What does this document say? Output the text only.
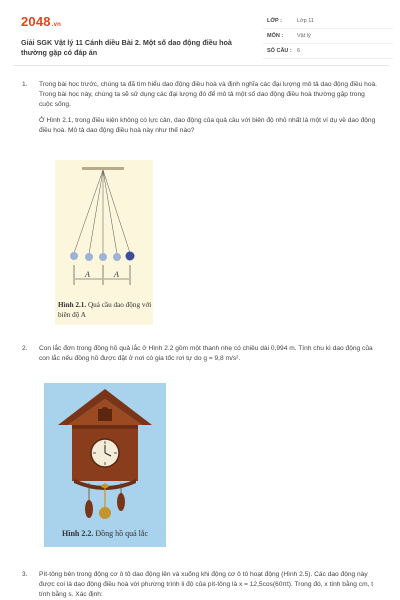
2048.vn
Giải SGK Vật lý 11 Cánh diều Bài 2. Một số dao động điều hoà thường gặp có đáp án
LỚP :	Lớp 11
MÔN :	Vật lý
SỐ CÂU : 6
1. Trong bài học trước, chúng ta đã tìm hiểu dao động điều hoà và định nghĩa các đại lượng mô tả dao động điều hoà. Trong bài học này, chúng ta sẽ sử dụng các đại lượng đó để mô tả một số dao động điều hoà thường gặp trong cuộc sống.

Ở Hình 2.1, trong điều kiện không có lực cản, dao động của quả cầu với biên độ nhỏ nhất là một ví dụ về dao động điều hoà. Mô tả dao động điều hoà này như thế nào?

A	A
Hình 2.1. Quả cầu dao động với biên độ A
2. Con lắc đơn trong đồng hồ quả lắc ở Hình 2.2 gồm một thanh nhẹ có chiều dài 0,994 m. Tính chu kì dao động của con lắc nếu đồng hồ được đặt ở nơi có gia tốc rơi tự do g = 9,8 m/s².

Hình 2.2. Đồng hồ quả lắc
3. Pít-tông bên trong động cơ ô tô dao động lên và xuống khi động cơ ô tô hoạt động (Hình 2.5). Các dao động này được coi là dao động điều hoà với phương trình li độ của pít-tông là x = 12,5cos(60πt). Trong đó, x tính bằng cm, t tính bằng s. Xác định:
